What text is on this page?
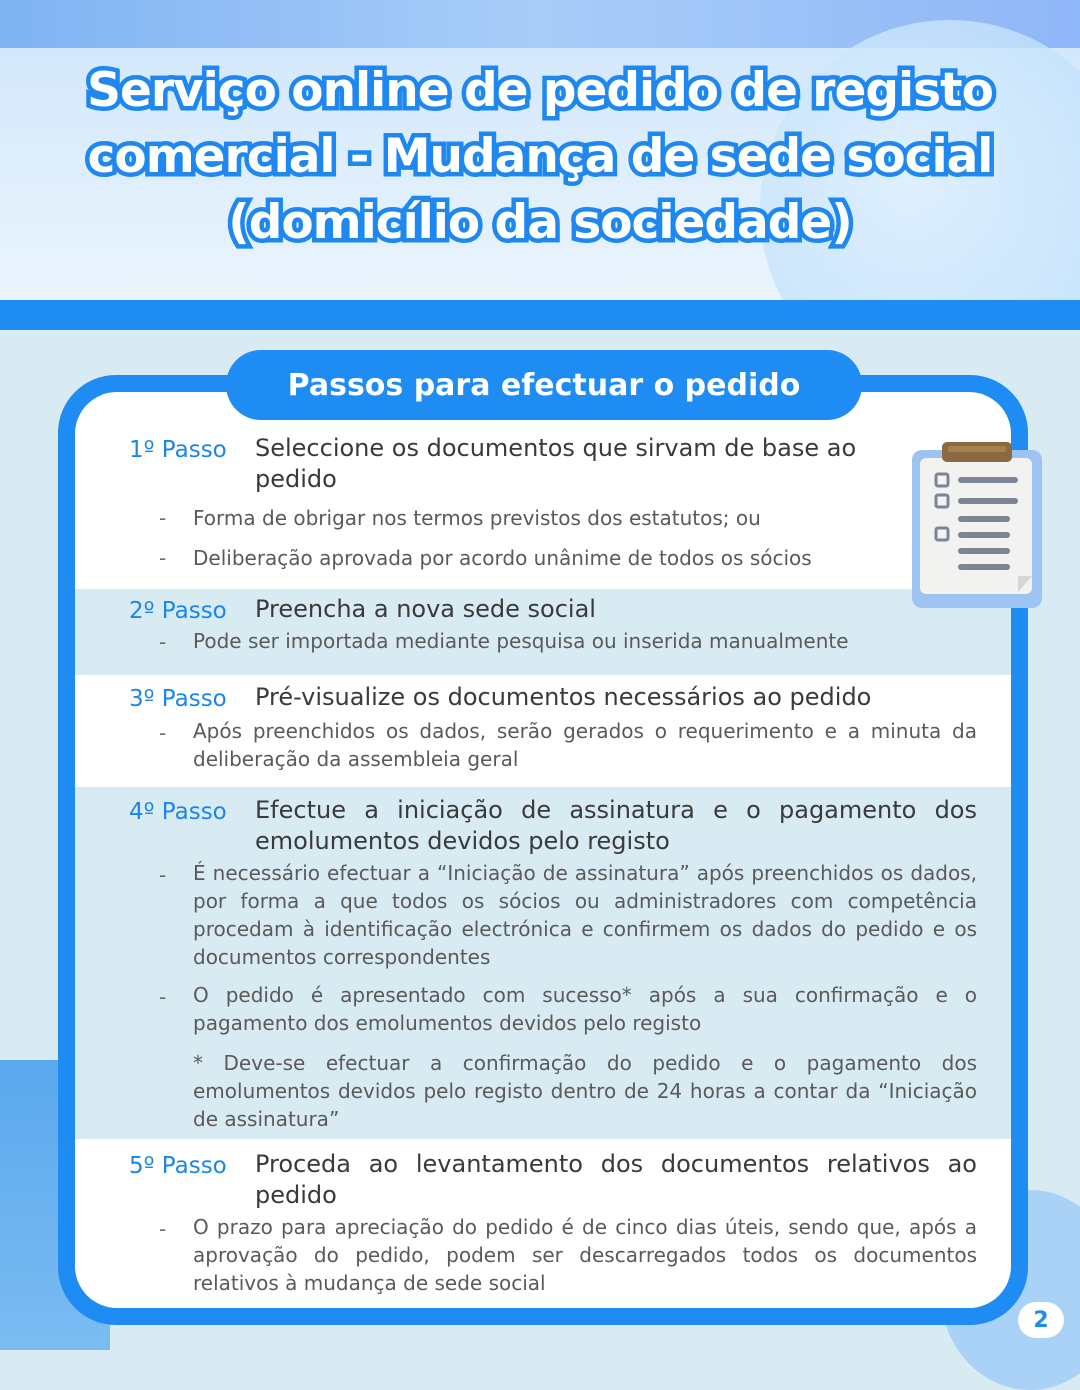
Serviço online de pedido de registo
comercial - Mudança de sede social
(domicílio da sociedade)
1º Passo Seleccione os documentos que sirvam de base ao pedido
- Forma de obrigar nos termos previstos dos estatutos; ou
- Deliberação aprovada por acordo unânime de todos os sócios
2º Passo Preencha a nova sede social
- Pode ser importada mediante pesquisa ou inserida manualmente
3º Passo Pré-visualize os documentos necessários ao pedido
- Após preenchidos os dados, serão gerados o requerimento e a minuta da deliberação da assembleia geral
4º Passo Efectue a iniciação de assinatura e o pagamento dos emolumentos devidos pelo registo
- É necessário efectuar a “Iniciação de assinatura” após preenchidos os dados, por forma a que todos os sócios ou administradores com competência procedam à identificação electrónica e confirmem os dados do pedido e os documentos correspondentes
- O pedido é apresentado com sucesso* após a sua confirmação e o pagamento dos emolumentos devidos pelo registo
* Deve-se efectuar a confirmação do pedido e o pagamento dos emolumentos devidos pelo registo dentro de 24 horas a contar da “Iniciação de assinatura”
5º Passo Proceda ao levantamento dos documentos relativos ao pedido
- O prazo para apreciação do pedido é de cinco dias úteis, sendo que, após a aprovação do pedido, podem ser descarregados todos os documentos relativos à mudança de sede social
Passos para efectuar o pedido
2
